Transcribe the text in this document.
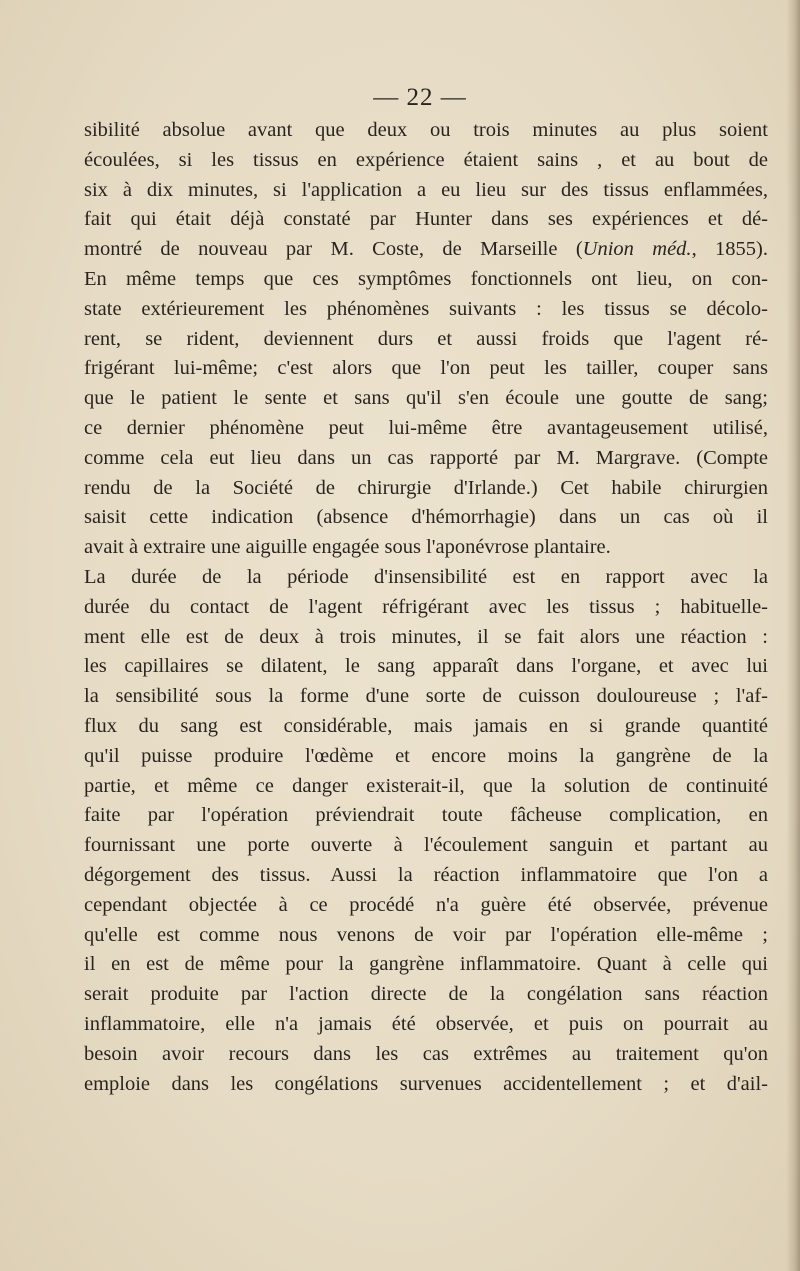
— 22 —
sibilité absolue avant que deux ou trois minutes au plus soient
écoulées, si les tissus en expérience étaient sains , et au bout de
six à dix minutes, si l'application a eu lieu sur des tissus enflammées,
fait qui était déjà constaté par Hunter dans ses expériences et dé-
montré de nouveau par M. Coste, de Marseille (Union méd., 1855).
En même temps que ces symptômes fonctionnels ont lieu, on con-
state extérieurement les phénomènes suivants : les tissus se décolo-
rent, se rident, deviennent durs et aussi froids que l'agent ré-
frigérant lui-même; c'est alors que l'on peut les tailler, couper sans
que le patient le sente et sans qu'il s'en écoule une goutte de sang;
ce dernier phénomène peut lui-même être avantageusement utilisé,
comme cela eut lieu dans un cas rapporté par M. Margrave. (Compte
rendu de la Société de chirurgie d'Irlande.) Cet habile chirurgien
saisit cette indication (absence d'hémorrhagie) dans un cas où il
avait à extraire une aiguille engagée sous l'aponévrose plantaire.
La durée de la période d'insensibilité est en rapport avec la
durée du contact de l'agent réfrigérant avec les tissus ; habituelle-
ment elle est de deux à trois minutes, il se fait alors une réaction :
les capillaires se dilatent, le sang apparaît dans l'organe, et avec lui
la sensibilité sous la forme d'une sorte de cuisson douloureuse ; l'af-
flux du sang est considérable, mais jamais en si grande quantité
qu'il puisse produire l'œdème et encore moins la gangrène de la
partie, et même ce danger existerait-il, que la solution de continuité
faite par l'opération préviendrait toute fâcheuse complication, en
fournissant une porte ouverte à l'écoulement sanguin et partant au
dégorgement des tissus. Aussi la réaction inflammatoire que l'on a
cependant objectée à ce procédé n'a guère été observée, prévenue
qu'elle est comme nous venons de voir par l'opération elle-même ;
il en est de même pour la gangrène inflammatoire. Quant à celle qui
serait produite par l'action directe de la congélation sans réaction
inflammatoire, elle n'a jamais été observée, et puis on pourrait au
besoin avoir recours dans les cas extrêmes au traitement qu'on
emploie dans les congélations survenues accidentellement ; et d'ail-
